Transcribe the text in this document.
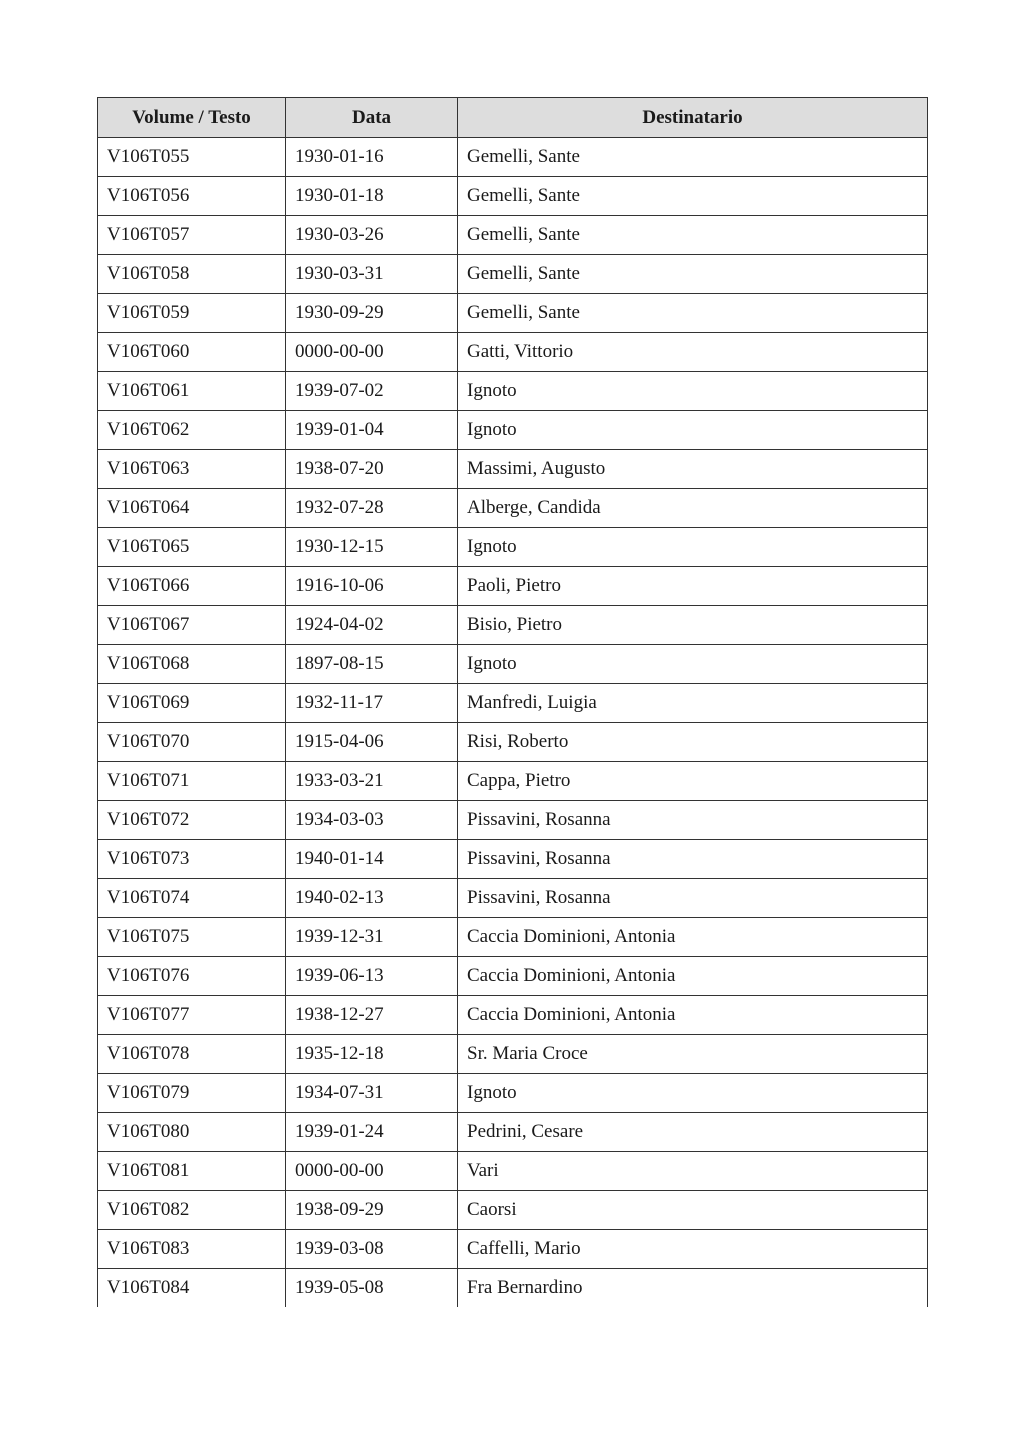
Volume / Testo	Data	Destinatario
V106T055	1930-01-16	Gemelli, Sante
V106T056	1930-01-18	Gemelli, Sante
V106T057	1930-03-26	Gemelli, Sante
V106T058	1930-03-31	Gemelli, Sante
V106T059	1930-09-29	Gemelli, Sante
V106T060	0000-00-00	Gatti, Vittorio
V106T061	1939-07-02	Ignoto
V106T062	1939-01-04	Ignoto
V106T063	1938-07-20	Massimi, Augusto
V106T064	1932-07-28	Alberge, Candida
V106T065	1930-12-15	Ignoto
V106T066	1916-10-06	Paoli, Pietro
V106T067	1924-04-02	Bisio, Pietro
V106T068	1897-08-15	Ignoto
V106T069	1932-11-17	Manfredi, Luigia
V106T070	1915-04-06	Risi, Roberto
V106T071	1933-03-21	Cappa, Pietro
V106T072	1934-03-03	Pissavini, Rosanna
V106T073	1940-01-14	Pissavini, Rosanna
V106T074	1940-02-13	Pissavini, Rosanna
V106T075	1939-12-31	Caccia Dominioni, Antonia
V106T076	1939-06-13	Caccia Dominioni, Antonia
V106T077	1938-12-27	Caccia Dominioni, Antonia
V106T078	1935-12-18	Sr. Maria Croce
V106T079	1934-07-31	Ignoto
V106T080	1939-01-24	Pedrini, Cesare
V106T081	0000-00-00	Vari
V106T082	1938-09-29	Caorsi
V106T083	1939-03-08	Caffelli, Mario
V106T084	1939-05-08	Fra Bernardino
